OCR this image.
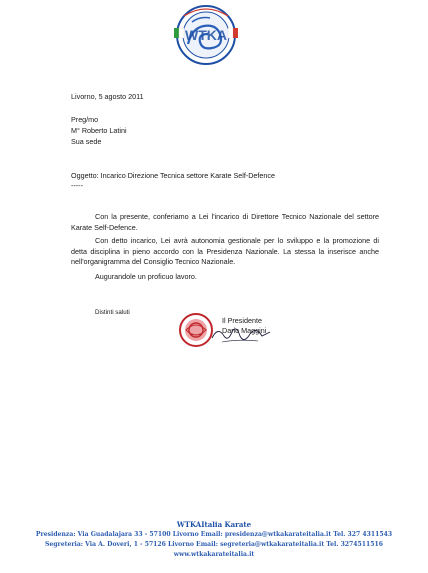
WTKA
Livorno, 5 agosto 2011
Preg/mo
M° Roberto Latini
Sua sede
Oggetto: Incarico Direzione Tecnica settore Karate Self-Defence
-----
Con la presente, conferiamo a Lei l'incarico di Direttore Tecnico Nazionale del settore Karate Self-Defence.
Con detto incarico, Lei avrà autonomia gestionale per lo sviluppo e la promozione di detta disciplina in pieno accordo con la Presidenza Nazionale. La stessa la inserisce anche nell'organigramma del Consiglio Tecnico Nazionale.
Augurandole un proficuo lavoro.
Distinti saluti
Il Presidente
Dario Maggini
WTKAItalia Karate
Presidenza: Via Guadalajara 33 - 57100 Livorno Email: presidenza@wtkakarateitalia.it Tel. 327 4311543
Segreteria: Via A. Doveri, 1 - 57126 Livorno Email: segreteria@wtkakarateitalia.it Tel. 3274511516
www.wtkakarateitalia.it
